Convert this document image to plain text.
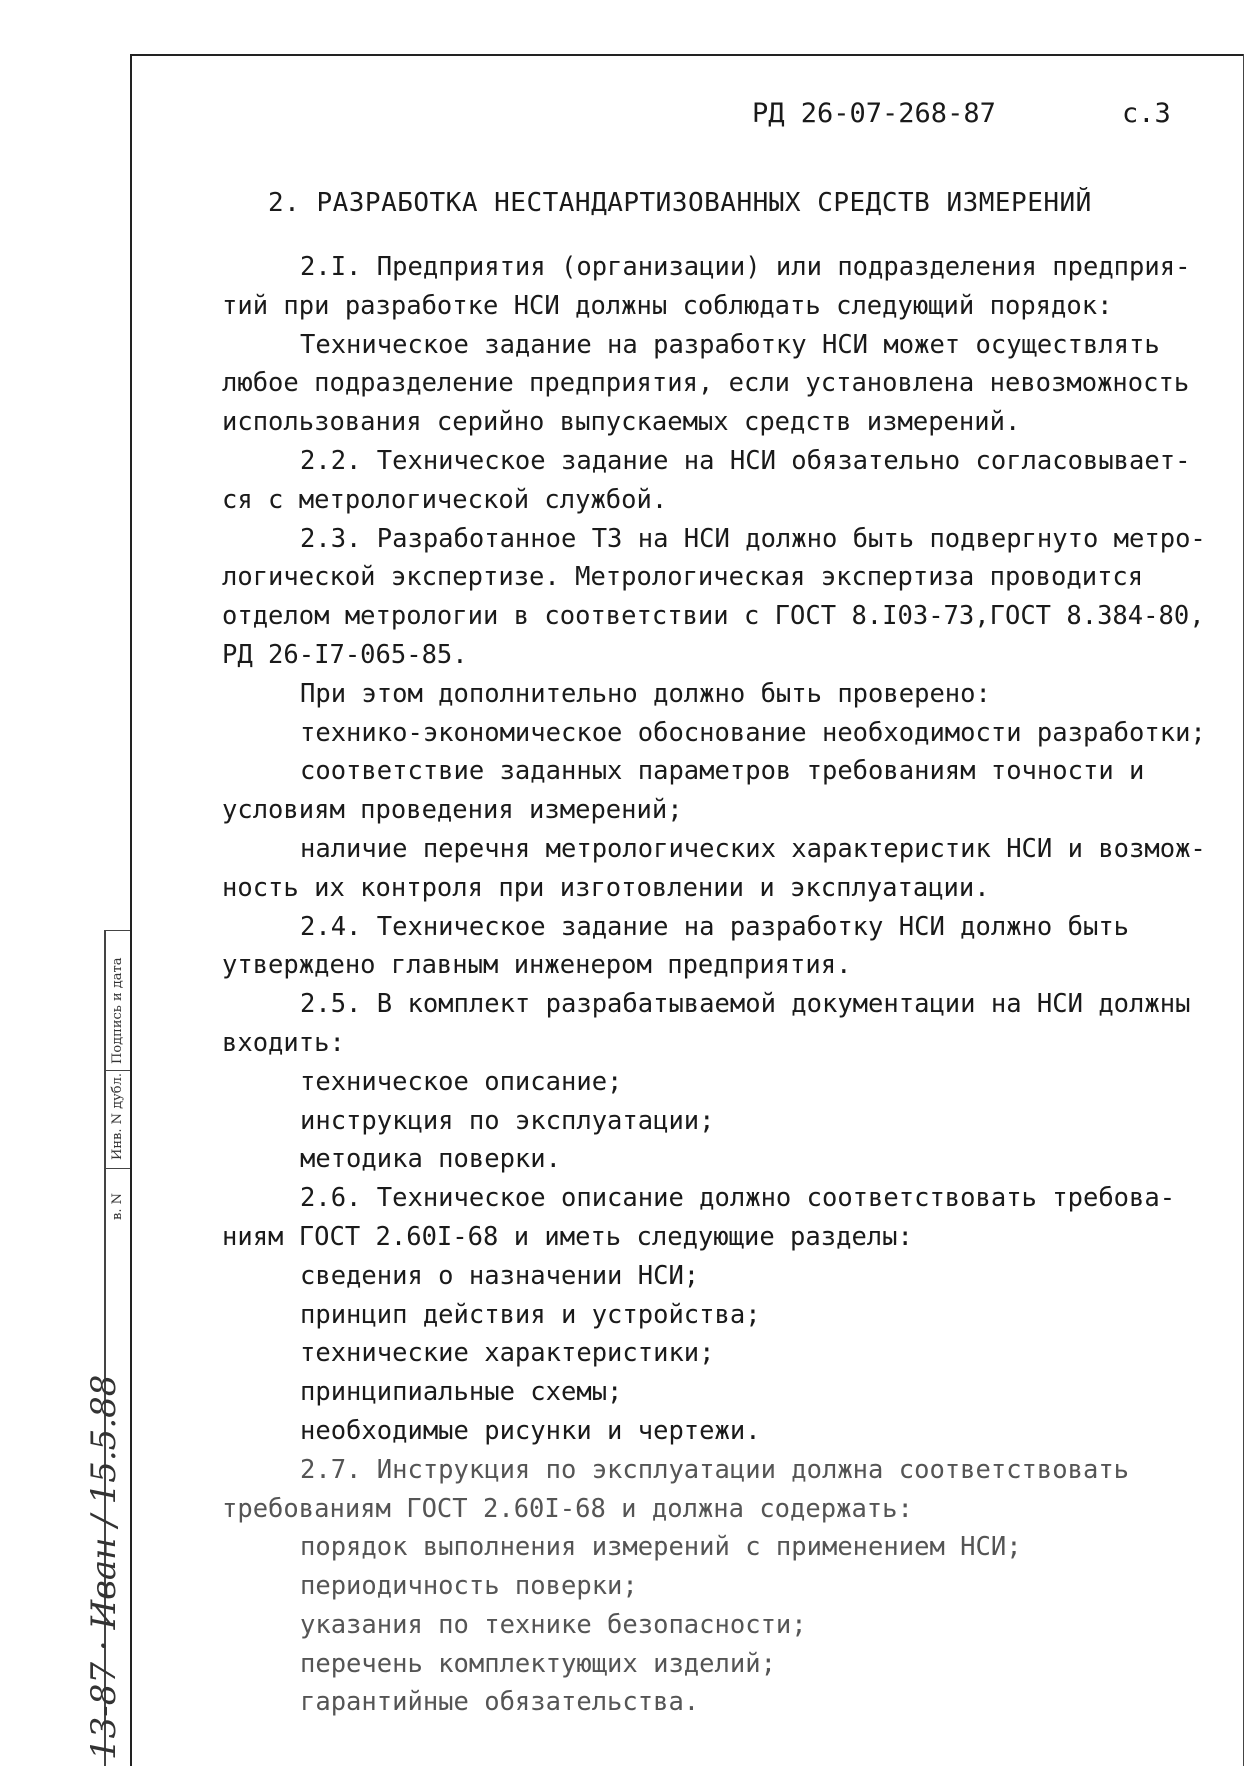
РД 26-07-268-87	с.3
2. РАЗРАБОТКА НЕСТАНДАРТИЗОВАННЫХ СРЕДСТВ ИЗМЕРЕНИЙ
2.I. Предприятия (организации) или подразделения предприя-
тий при разработке НСИ должны соблюдать следующий порядок:
Техническое задание на разработку НСИ может осуществлять
любое подразделение предприятия, если установлена невозможность
использования серийно выпускаемых средств измерений.
2.2. Техническое задание на НСИ обязательно согласовывает-
ся с метрологической службой.
2.3. Разработанное ТЗ на НСИ должно быть подвергнуто метро-
логической экспертизе. Метрологическая экспертиза проводится
отделом метрологии в соответствии с ГОСТ 8.I03-73,ГОСТ 8.384-80,
РД 26-I7-065-85.
При этом дополнительно должно быть проверено:
технико-экономическое обоснование необходимости разработки;
соответствие заданных параметров требованиям точности и
условиям проведения измерений;
наличие перечня метрологических характеристик НСИ и возмож-
ность их контроля при изготовлении и эксплуатации.
2.4. Техническое задание на разработку НСИ должно быть
утверждено главным инженером предприятия.
2.5. В комплект разрабатываемой документации на НСИ должны
входить:
техническое описание;
инструкция по эксплуатации;
методика поверки.
2.6. Техническое описание должно соответствовать требова-
ниям ГОСТ 2.60I-68 и иметь следующие разделы:
сведения о назначении НСИ;
принцип действия и устройства;
технические характеристики;
принципиальные схемы;
необходимые рисунки и чертежи.
2.7. Инструкция по эксплуатации должна соответствовать
требованиям ГОСТ 2.60I-68 и должна содержать:
порядок выполнения измерений с применением НСИ;
периодичность поверки;
указания по технике безопасности;
перечень комплектующих изделий;
гарантийные обязательства.
Подпись и дата
Инв. N дубл.
в. N
13-87 · Иван / 15.5.88
